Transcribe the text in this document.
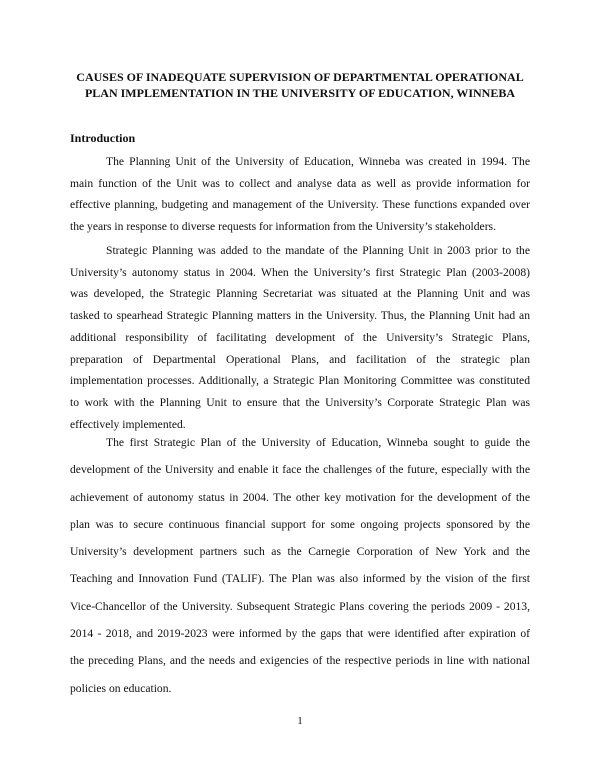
CAUSES OF INADEQUATE SUPERVISION OF DEPARTMENTAL OPERATIONAL
PLAN IMPLEMENTATION IN THE UNIVERSITY OF EDUCATION, WINNEBA
Introduction
The Planning Unit of the University of Education, Winneba was created in 1994. The
main function of the Unit was to collect and analyse data as well as provide information for
effective planning, budgeting and management of the University. These functions expanded over
the years in response to diverse requests for information from the University’s stakeholders.
Strategic Planning was added to the mandate of the Planning Unit in 2003 prior to the
University’s autonomy status in 2004. When the University’s first Strategic Plan (2003-2008)
was developed, the Strategic Planning Secretariat was situated at the Planning Unit and was
tasked to spearhead Strategic Planning matters in the University. Thus, the Planning Unit had an
additional responsibility of facilitating development of the University’s Strategic Plans,
preparation of Departmental Operational Plans, and facilitation of the strategic plan
implementation processes. Additionally, a Strategic Plan Monitoring Committee was constituted
to work with the Planning Unit to ensure that the University’s Corporate Strategic Plan was
effectively implemented.
The first Strategic Plan of the University of Education, Winneba sought to guide the
development of the University and enable it face the challenges of the future, especially with the
achievement of autonomy status in 2004. The other key motivation for the development of the
plan was to secure continuous financial support for some ongoing projects sponsored by the
University’s development partners such as the Carnegie Corporation of New York and the
Teaching and Innovation Fund (TALIF). The Plan was also informed by the vision of the first
Vice-Chancellor of the University. Subsequent Strategic Plans covering the periods 2009 - 2013,
2014 - 2018, and 2019-2023 were informed by the gaps that were identified after expiration of
the preceding Plans, and the needs and exigencies of the respective periods in line with national
policies on education.
1
